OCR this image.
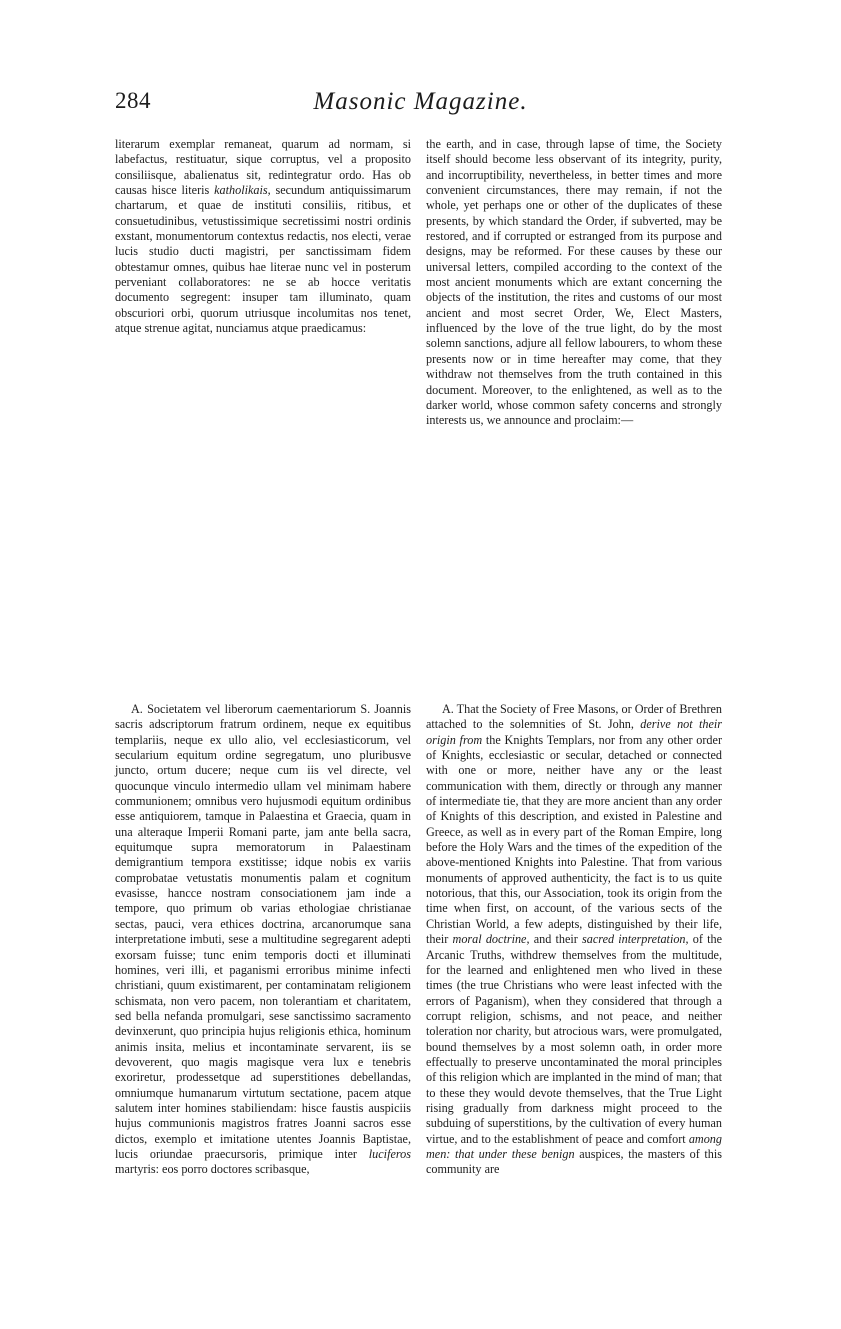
284	Masonic Magazine.

literarum exemplar remaneat, quarum ad normam, si labefactus, restituatur, sique corruptus, vel a proposito consiliisque, abalienatus sit, redintegratur ordo. Has ob causas hisce literis katholikais, secundum antiquissimarum chartarum, et quae de instituti consiliis, ritibus, et consuetudinibus, vetustissimique secretissimi nostri ordinis exstant, monumentorum contextus redactis, nos electi, verae lucis studio ducti magistri, per sanctissimam fidem obtestamur omnes, quibus hae literae nunc vel in posterum perveniant collaboratores: ne se ab hocce veritatis documento segregent: insuper tam illuminato, quam obscuriori orbi, quorum utriusque incolumitas nos tenet, atque strenue agitat, nunciamus atque praedicamus:

A. Societatem vel liberorum caementariorum S. Joannis sacris adscriptorum fratrum ordinem, neque ex equitibus templariis, neque ex ullo alio, vel ecclesiasticorum, vel secularium equitum ordine segregatum, uno pluribusve juncto, ortum ducere; neque cum iis vel directe, vel quocunque vinculo intermedio ullam vel minimam habere communionem; omnibus vero hujusmodi equitum ordinibus esse antiquiorem, tamque in Palaestina et Graecia, quam in una alteraque Imperii Romani parte, jam ante bella sacra, equitumque supra memoratorum in Palaestinam demigrantium tempora exstitisse; idque nobis ex variis comprobatae vetustatis monumentis palam et cognitum evasisse, hancce nostram consociationem jam inde a tempore, quo primum ob varias ethologiae christianae sectas, pauci, vera ethices doctrina, arcanorumque sana interpretatione imbuti, sese a multitudine segregarent adepti exorsam fuisse; tunc enim temporis docti et illuminati homines, veri illi, et paganismi erroribus minime infecti christiani, quum existimarent, per contaminatam religionem schismata, non vero pacem, non tolerantiam et charitatem, sed bella nefanda promulgari, sese sanctissimo sacramento devinxerunt, quo principia hujus religionis ethica, hominum animis insita, melius et incontaminate servarent, iis se devoverent, quo magis magisque vera lux e tenebris exoriretur, prodessetque ad superstitiones debellandas, omniumque humanarum virtutum sectatione, pacem atque salutem inter homines stabiliendam: hisce faustis auspiciis hujus communionis magistros fratres Joanni sacros esse dictos, exemplo et imitatione utentes Joannis Baptistae, lucis oriundae praecursoris, primique inter luciferos martyris: eos porro doctores scribasque,

the earth, and in case, through lapse of time, the Society itself should become less observant of its integrity, purity, and incorruptibility, nevertheless, in better times and more convenient circumstances, there may remain, if not the whole, yet perhaps one or other of the duplicates of these presents, by which standard the Order, if subverted, may be restored, and if corrupted or estranged from its purpose and designs, may be reformed. For these causes by these our universal letters, compiled according to the context of the most ancient monuments which are extant concerning the objects of the institution, the rites and customs of our most ancient and most secret Order, We, Elect Masters, influenced by the love of the true light, do by the most solemn sanctions, adjure all fellow labourers, to whom these presents now or in time hereafter may come, that they withdraw not themselves from the truth contained in this document. Moreover, to the enlightened, as well as to the darker world, whose common safety concerns and strongly interests us, we announce and proclaim:—

A. That the Society of Free Masons, or Order of Brethren attached to the solemnities of St. John, derive not their origin from the Knights Templars, nor from any other order of Knights, ecclesiastic or secular, detached or connected with one or more, neither have any or the least communication with them, directly or through any manner of intermediate tie, that they are more ancient than any order of Knights of this description, and existed in Palestine and Greece, as well as in every part of the Roman Empire, long before the Holy Wars and the times of the expedition of the above-mentioned Knights into Palestine. That from various monuments of approved authenticity, the fact is to us quite notorious, that this, our Association, took its origin from the time when first, on account, of the various sects of the Christian World, a few adepts, distinguished by their life, their moral doctrine, and their sacred interpretation, of the Arcanic Truths, withdrew themselves from the multitude, for the learned and enlightened men who lived in these times (the true Christians who were least infected with the errors of Paganism), when they considered that through a corrupt religion, schisms, and not peace, and neither toleration nor charity, but atrocious wars, were promulgated, bound themselves by a most solemn oath, in order more effectually to preserve uncontaminated the moral principles of this religion which are implanted in the mind of man; that to these they would devote themselves, that the True Light rising gradually from darkness might proceed to the subduing of superstitions, by the cultivation of every human virtue, and to the establishment of peace and comfort among men: that under these benign auspices, the masters of this community are
